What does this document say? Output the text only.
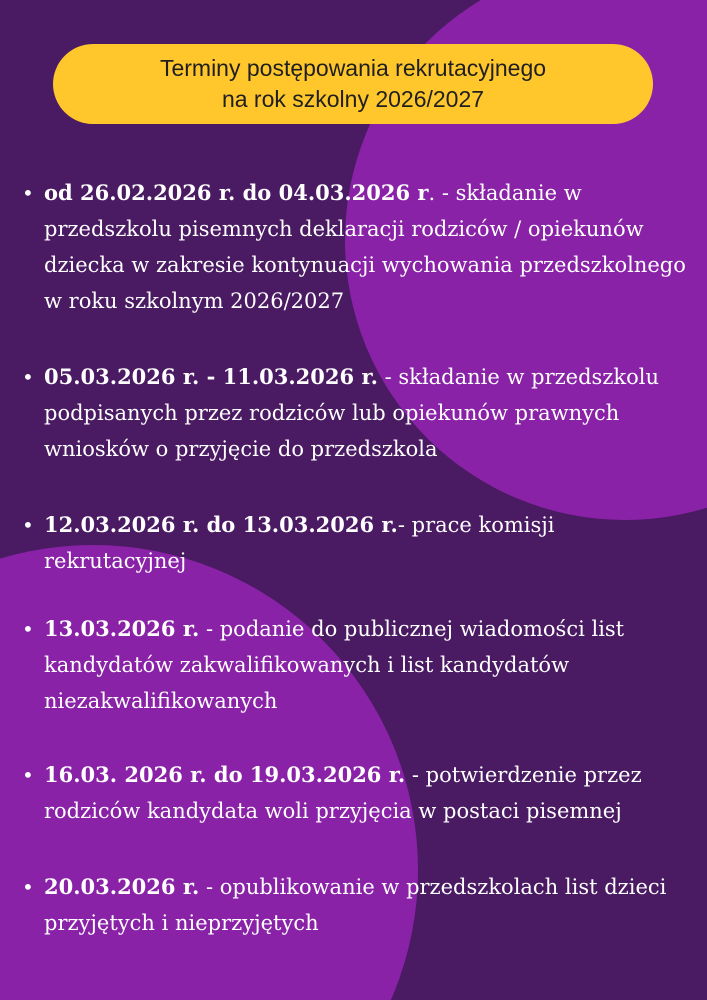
Terminy postępowania rekrutacyjnego
na rok szkolny 2026/2027
• od 26.02.2026 r. do 04.03.2026 r. - składanie w przedszkolu pisemnych deklaracji rodziców / opiekunów dziecka w zakresie kontynuacji wychowania przedszkolnego w roku szkolnym 2026/2027
• 05.03.2026 r. - 11.03.2026 r. - składanie w przedszkolu podpisanych przez rodziców lub opiekunów prawnych wniosków o przyjęcie do przedszkola
• 12.03.2026 r. do 13.03.2026 r.- prace komisji rekrutacyjnej
• 13.03.2026 r. - podanie do publicznej wiadomości list kandydatów zakwalifikowanych i list kandydatów niezakwalifikowanych
• 16.03. 2026 r. do 19.03.2026 r. - potwierdzenie przez rodziców kandydata woli przyjęcia w postaci pisemnej
• 20.03.2026 r. - opublikowanie w przedszkolach list dzieci przyjętych i nieprzyjętych
